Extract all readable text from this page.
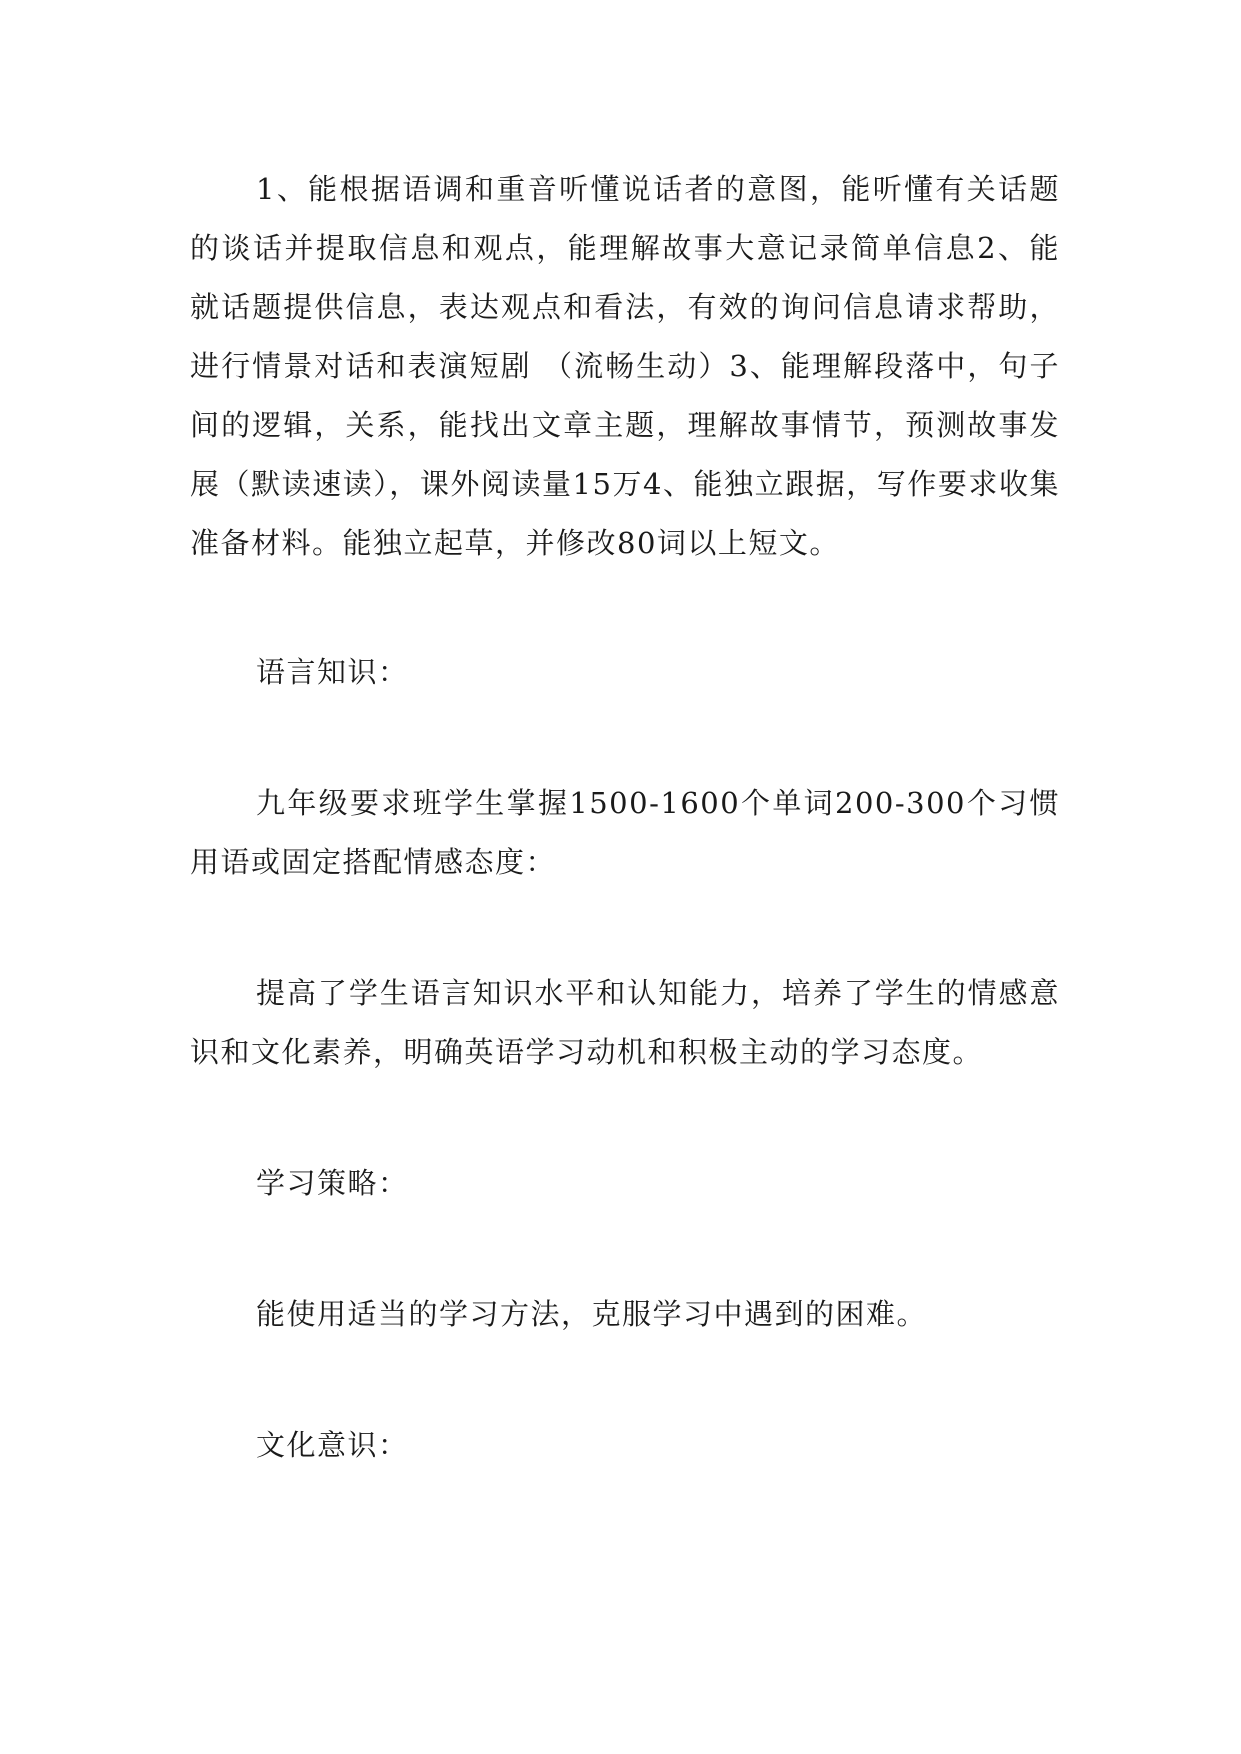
1、能根据语调和重音听懂说话者的意图，能听懂有关话题的谈话并提取信息和观点，能理解故事大意记录简单信息2、能就话题提供信息，表达观点和看法，有效的询问信息请求帮助，进行情景对话和表演短剧 （流畅生动）3、能理解段落中，句子间的逻辑，关系，能找出文章主题，理解故事情节，预测故事发展（默读速读），课外阅读量15万4、能独立跟据，写作要求收集准备材料。能独立起草，并修改80词以上短文。

语言知识：

九年级要求班学生掌握1500-1600个单词200-300个习惯用语或固定搭配情感态度：

提高了学生语言知识水平和认知能力，培养了学生的情感意识和文化素养，明确英语学习动机和积极主动的学习态度。

学习策略：

能使用适当的学习方法，克服学习中遇到的困难。

文化意识：
